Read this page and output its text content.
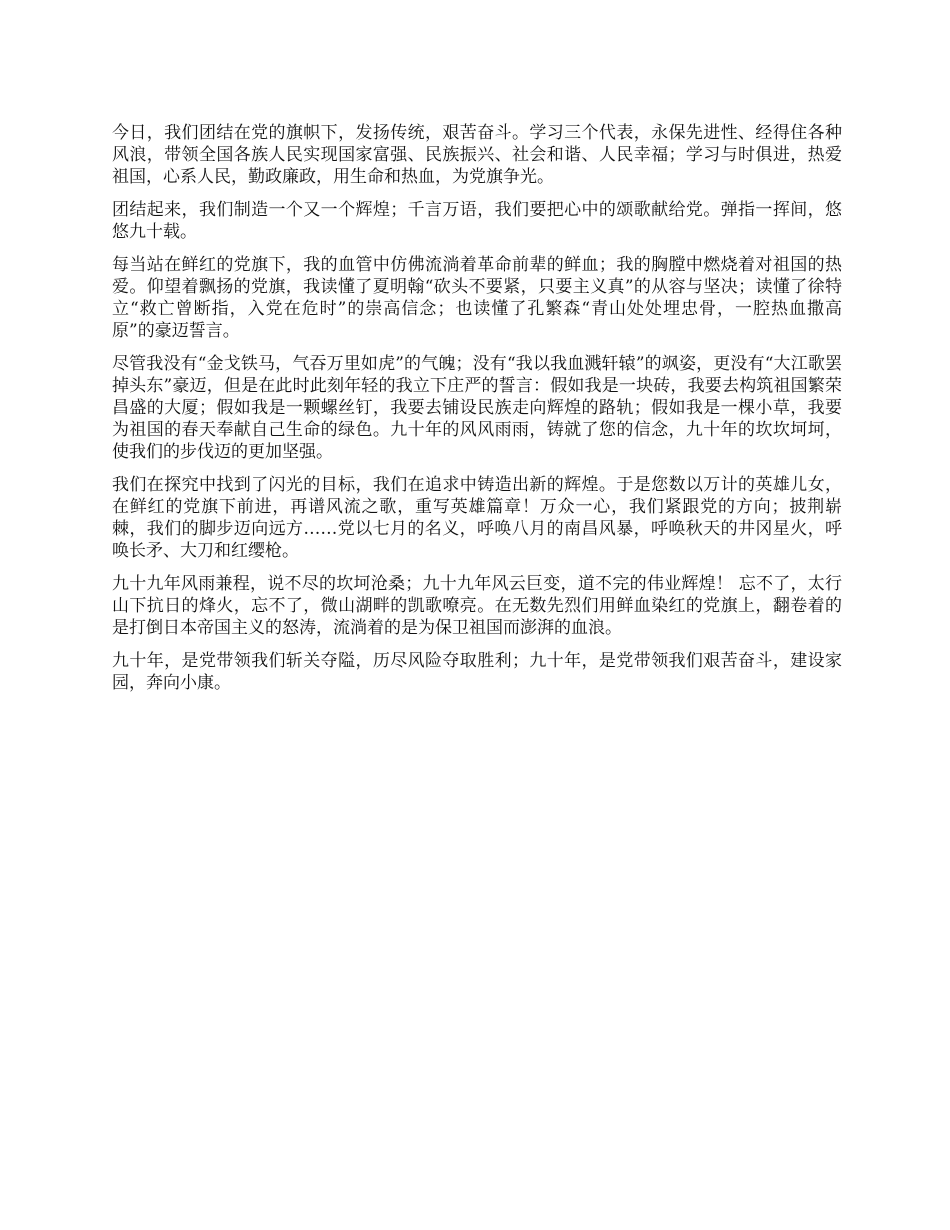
今日，我们团结在党的旗帜下，发扬传统，艰苦奋斗。学习三个代表，永保先进性、经得住各种风浪，带领全国各族人民实现国家富强、民族振兴、社会和谐、人民幸福；学习与时俱进，热爱祖国，心系人民，勤政廉政，用生命和热血，为党旗争光。

团结起来，我们制造一个又一个辉煌；千言万语，我们要把心中的颂歌献给党。弹指一挥间，悠悠九十载。

每当站在鲜红的党旗下，我的血管中仿佛流淌着革命前辈的鲜血；我的胸膛中燃烧着对祖国的热爱。仰望着飘扬的党旗，我读懂了夏明翰“砍头不要紧，只要主义真”的从容与坚决；读懂了徐特立“救亡曾断指，入党在危时”的崇高信念；也读懂了孔繁森“青山处处埋忠骨，一腔热血撒高原”的豪迈誓言。

尽管我没有“金戈铁马，气吞万里如虎”的气魄；没有“我以我血溅轩辕”的飒姿，更没有“大江歌罢掉头东”豪迈，但是在此时此刻年轻的我立下庄严的誓言：假如我是一块砖，我要去构筑祖国繁荣昌盛的大厦；假如我是一颗螺丝钉，我要去铺设民族走向辉煌的路轨；假如我是一棵小草，我要为祖国的春天奉献自己生命的绿色。九十年的风风雨雨，铸就了您的信念，九十年的坎坎坷坷，使我们的步伐迈的更加坚强。

我们在探究中找到了闪光的目标，我们在追求中铸造出新的辉煌。于是您数以万计的英雄儿女，在鲜红的党旗下前进，再谱风流之歌，重写英雄篇章！万众一心，我们紧跟党的方向；披荆崭棘，我们的脚步迈向远方……党以七月的名义，呼唤八月的南昌风暴，呼唤秋天的井冈星火，呼唤长矛、大刀和红缨枪。

九十九年风雨兼程，说不尽的坎坷沧桑；九十九年风云巨变，道不完的伟业辉煌！ 忘不了，太行山下抗日的烽火，忘不了，微山湖畔的凯歌嘹亮。在无数先烈们用鲜血染红的党旗上，翻卷着的是打倒日本帝国主义的怒涛，流淌着的是为保卫祖国而澎湃的血浪。

九十年，是党带领我们斩关夺隘，历尽风险夺取胜利；九十年，是党带领我们艰苦奋斗，建设家园，奔向小康。
